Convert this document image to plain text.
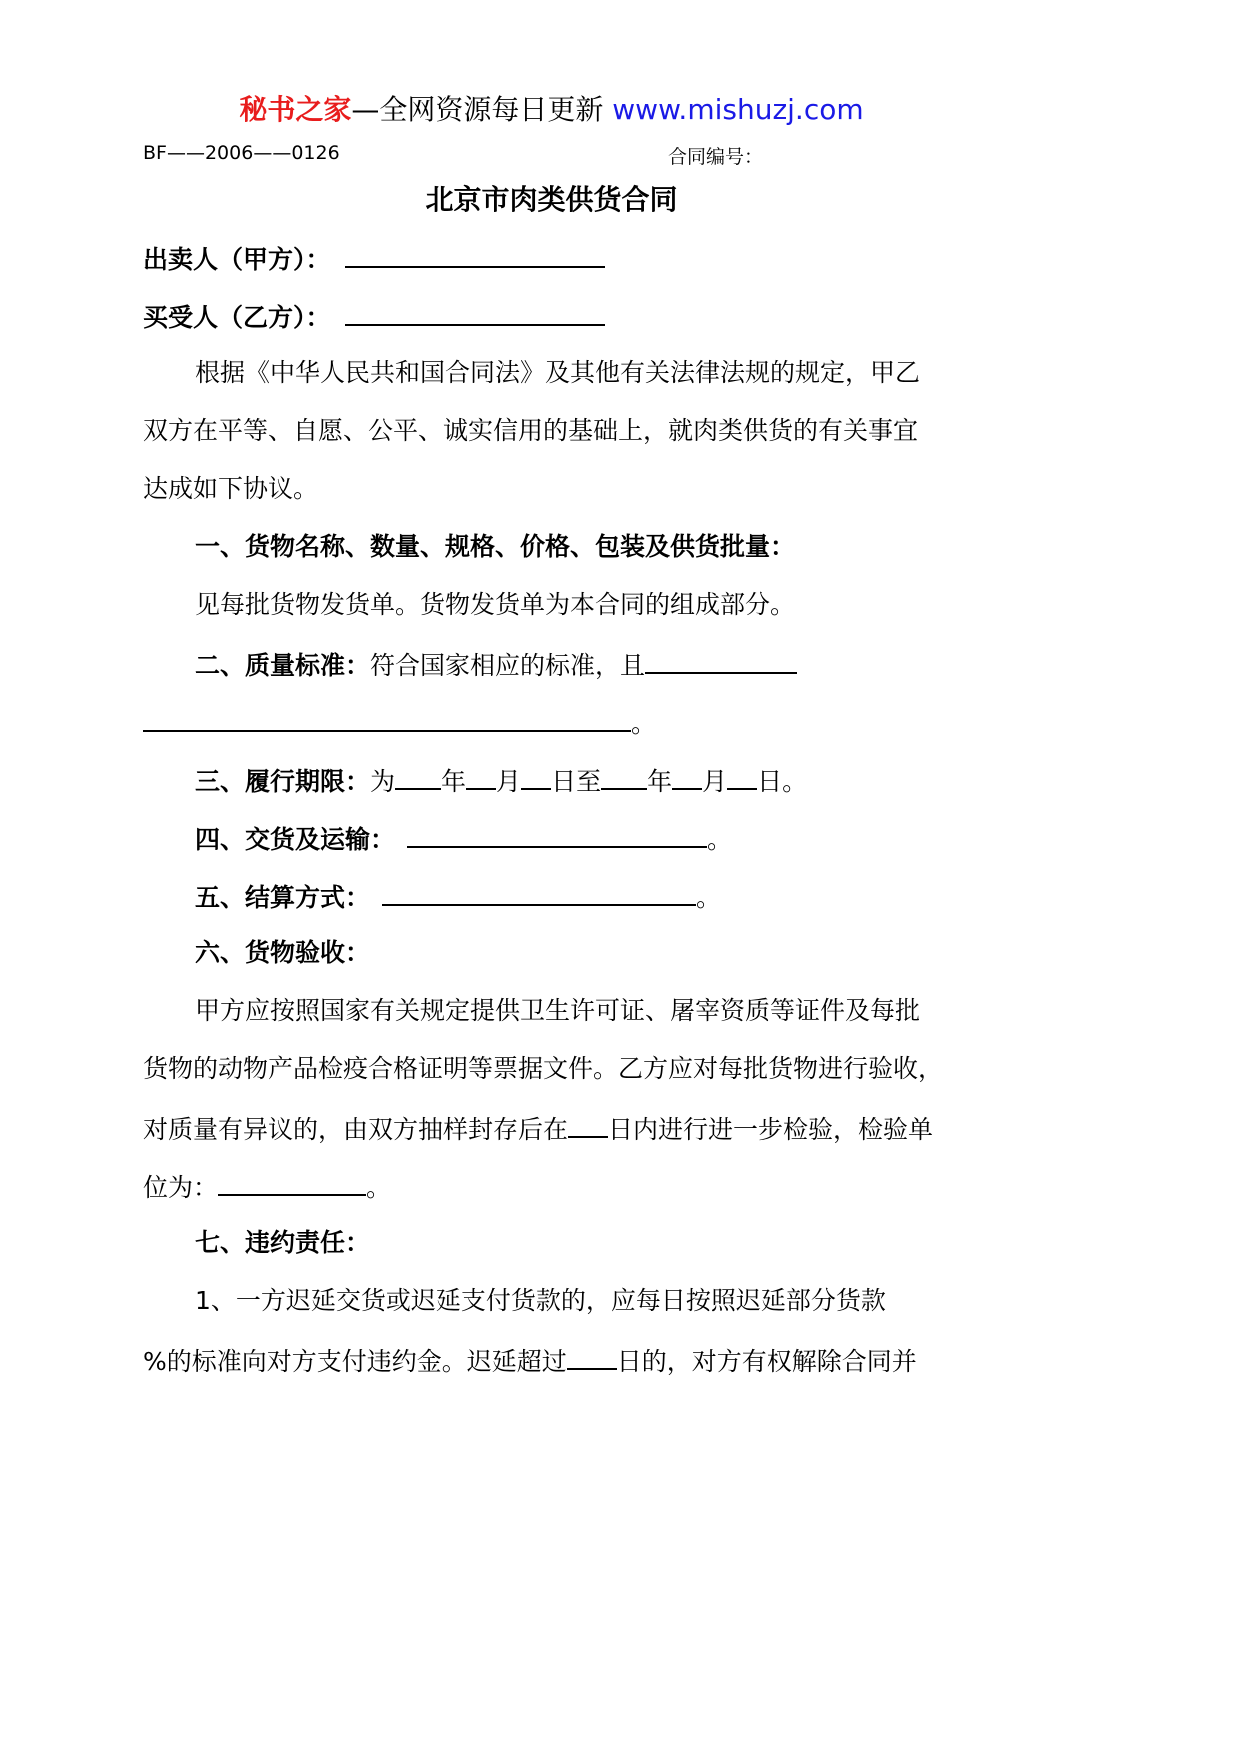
秘书之家—全网资源每日更新 www.mishuzj.com
BF——2006——0126	合同编号：
北京市肉类供货合同
出卖人（甲方）：
买受人（乙方）：
根据《中华人民共和国合同法》及其他有关法律法规的规定，甲乙
双方在平等、自愿、公平、诚实信用的基础上，就肉类供货的有关事宜
达成如下协议。
一、货物名称、数量、规格、价格、包装及供货批量：
见每批货物发货单。货物发货单为本合同的组成部分。
二、质量标准：符合国家相应的标准，且
。
三、履行期限：为 年 月 日至 年 月 日。
四、交货及运输：	。
五、结算方式：	。
六、货物验收：
甲方应按照国家有关规定提供卫生许可证、屠宰资质等证件及每批
货物的动物产品检疫合格证明等票据文件。乙方应对每批货物进行验收，
对质量有异议的，由双方抽样封存后在 日内进行进一步检验，检验单
位为：	。
七、违约责任：
1、一方迟延交货或迟延支付货款的，应每日按照迟延部分货款
%的标准向对方支付违约金。迟延超过 日的，对方有权解除合同并
